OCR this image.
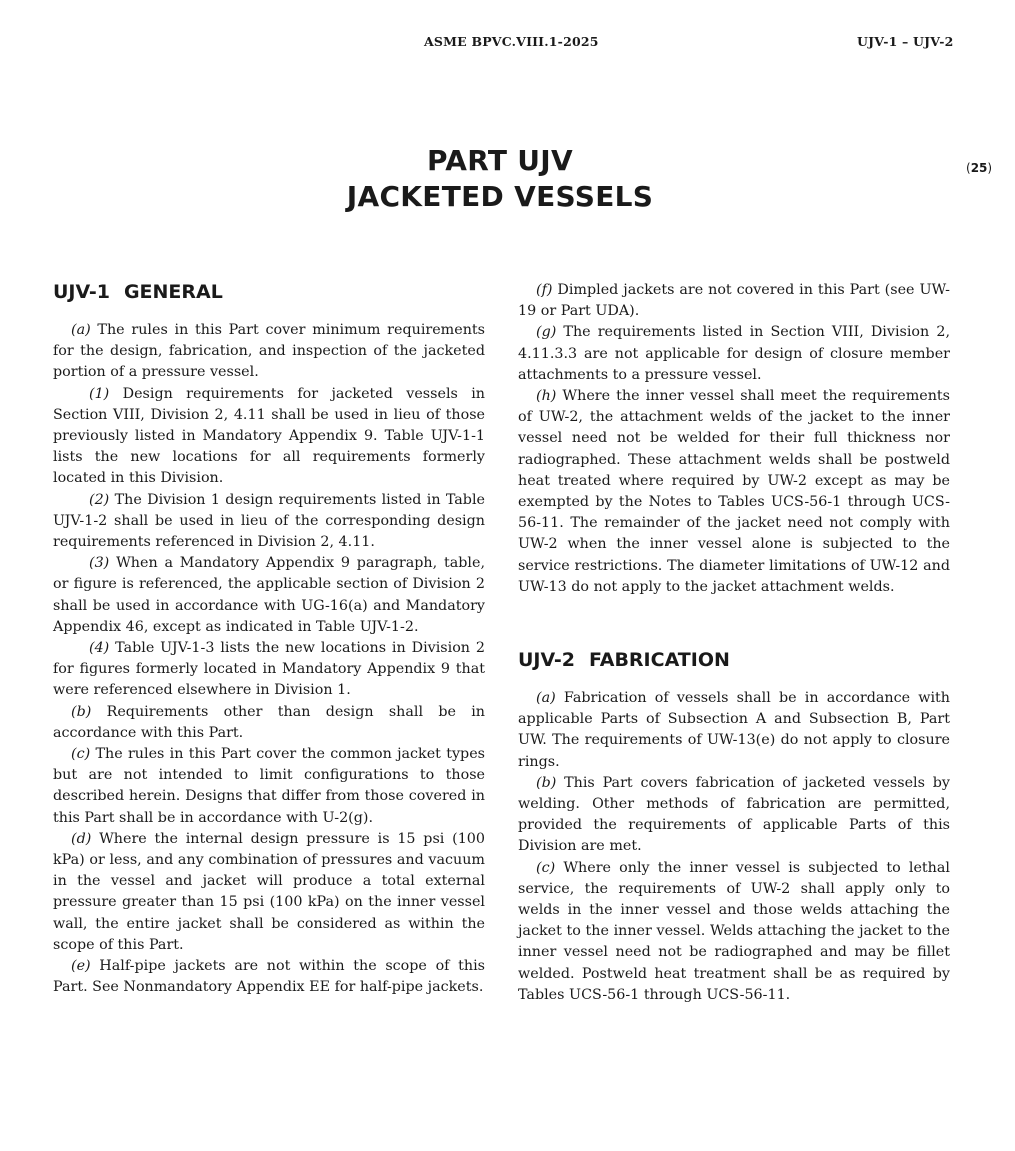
ASME BPVC.VIII.1-2025	UJV-1 – UJV-2
PART UJV
JACKETED VESSELS
(25)
UJV-1 GENERAL

(a) The rules in this Part cover minimum requirements for the design, fabrication, and inspection of the jacketed portion of a pressure vessel.

(1) Design requirements for jacketed vessels in Section VIII, Division 2, 4.11 shall be used in lieu of those previously listed in Mandatory Appendix 9. Table UJV-1-1 lists the new locations for all requirements formerly located in this Division.

(2) The Division 1 design requirements listed in Table UJV-1-2 shall be used in lieu of the corresponding design requirements referenced in Division 2, 4.11.

(3) When a Mandatory Appendix 9 paragraph, table, or figure is referenced, the applicable section of Division 2 shall be used in accordance with UG-16(a) and Mandatory Appendix 46, except as indicated in Table UJV-1-2.

(4) Table UJV-1-3 lists the new locations in Division 2 for figures formerly located in Mandatory Appendix 9 that were referenced elsewhere in Division 1.

(b) Requirements other than design shall be in accordance with this Part.

(c) The rules in this Part cover the common jacket types but are not intended to limit configurations to those described herein. Designs that differ from those covered in this Part shall be in accordance with U-2(g).

(d) Where the internal design pressure is 15 psi (100 kPa) or less, and any combination of pressures and vacuum in the vessel and jacket will produce a total external pressure greater than 15 psi (100 kPa) on the inner vessel wall, the entire jacket shall be considered as within the scope of this Part.

(e) Half-pipe jackets are not within the scope of this Part. See Nonmandatory Appendix EE for half-pipe jackets.

(f) Dimpled jackets are not covered in this Part (see UW-19 or Part UDA).

(g) The requirements listed in Section VIII, Division 2, 4.11.3.3 are not applicable for design of closure member attachments to a pressure vessel.

(h) Where the inner vessel shall meet the requirements of UW-2, the attachment welds of the jacket to the inner vessel need not be welded for their full thickness nor radiographed. These attachment welds shall be postweld heat treated where required by UW-2 except as may be exempted by the Notes to Tables UCS-56-1 through UCS-56-11. The remainder of the jacket need not comply with UW-2 when the inner vessel alone is subjected to the service restrictions. The diameter limitations of UW-12 and UW-13 do not apply to the jacket attachment welds.

UJV-2 FABRICATION

(a) Fabrication of vessels shall be in accordance with applicable Parts of Subsection A and Subsection B, Part UW. The requirements of UW-13(e) do not apply to closure rings.

(b) This Part covers fabrication of jacketed vessels by welding. Other methods of fabrication are permitted, provided the requirements of applicable Parts of this Division are met.

(c) Where only the inner vessel is subjected to lethal service, the requirements of UW-2 shall apply only to welds in the inner vessel and those welds attaching the jacket to the inner vessel. Welds attaching the jacket to the inner vessel need not be radiographed and may be fillet welded. Postweld heat treatment shall be as required by Tables UCS-56-1 through UCS-56-11.
